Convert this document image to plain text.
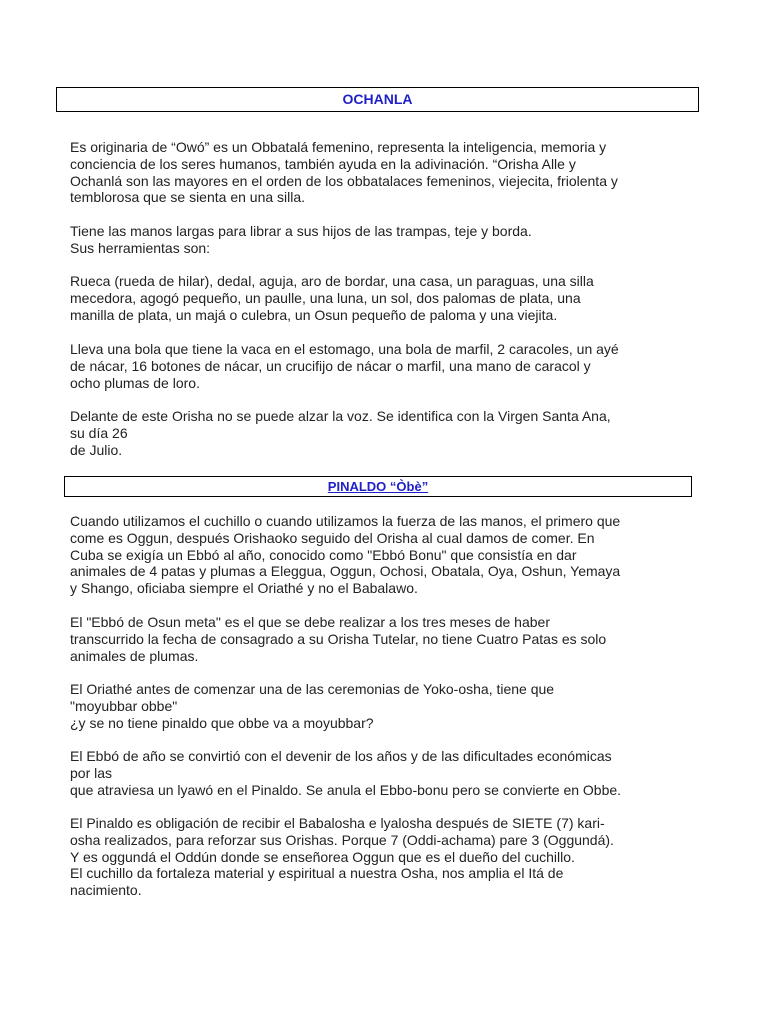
OCHANLA

Es originaria de “Owó” es un Obbatalá femenino, representa la inteligencia, memoria y
conciencia de los seres humanos, también ayuda en la adivinación. “Orisha Alle y
Ochanlá son las mayores en el orden de los obbatalaces femeninos, viejecita, friolenta y
temblorosa que se sienta en una silla.

Tiene las manos largas para librar a sus hijos de las trampas, teje y borda.
Sus herramientas son:

Rueca (rueda de hilar), dedal, aguja, aro de bordar, una casa, un paraguas, una silla
mecedora, agogó pequeño, un paulle, una luna, un sol, dos palomas de plata, una
manilla de plata, un majá o culebra, un Osun pequeño de paloma y una viejita.

Lleva una bola que tiene la vaca en el estomago, una bola de marfil, 2 caracoles, un ayé
de nácar, 16 botones de nácar, un crucifijo de nácar o marfil, una mano de caracol y
ocho plumas de loro.

Delante de este Orisha no se puede alzar la voz. Se identifica con la Virgen Santa Ana,
su día 26
de Julio.

PINALDO “Òbè”

Cuando utilizamos el cuchillo o cuando utilizamos la fuerza de las manos, el primero que
come es Oggun, después Orishaoko seguido del Orisha al cual damos de comer. En
Cuba se exigía un Ebbó al año, conocido como "Ebbó Bonu" que consistía en dar
animales de 4 patas y plumas a Eleggua, Oggun, Ochosi, Obatala, Oya, Oshun, Yemaya
y Shango, oficiaba siempre el Oriathé y no el Babalawo.

El "Ebbó de Osun meta" es el que se debe realizar a los tres meses de haber
transcurrido la fecha de consagrado a su Orisha Tutelar, no tiene Cuatro Patas es solo
animales de plumas.

El Oriathé antes de comenzar una de las ceremonias de Yoko-osha, tiene que
"moyubbar obbe"
¿y se no tiene pinaldo que obbe va a moyubbar?

El Ebbó de año se convirtió con el devenir de los años y de las dificultades económicas
por las
que atraviesa un lyawó en el Pinaldo. Se anula el Ebbo-bonu pero se convierte en Obbe.

El Pinaldo es obligación de recibir el Babalosha e lyalosha después de SIETE (7) kari-
osha realizados, para reforzar sus Orishas. Porque 7 (Oddi-achama) pare 3 (Oggundá).
Y es oggundá el Oddún donde se enseñorea Oggun que es el dueño del cuchillo.
El cuchillo da fortaleza material y espiritual a nuestra Osha, nos amplia el Itá de
nacimiento.
